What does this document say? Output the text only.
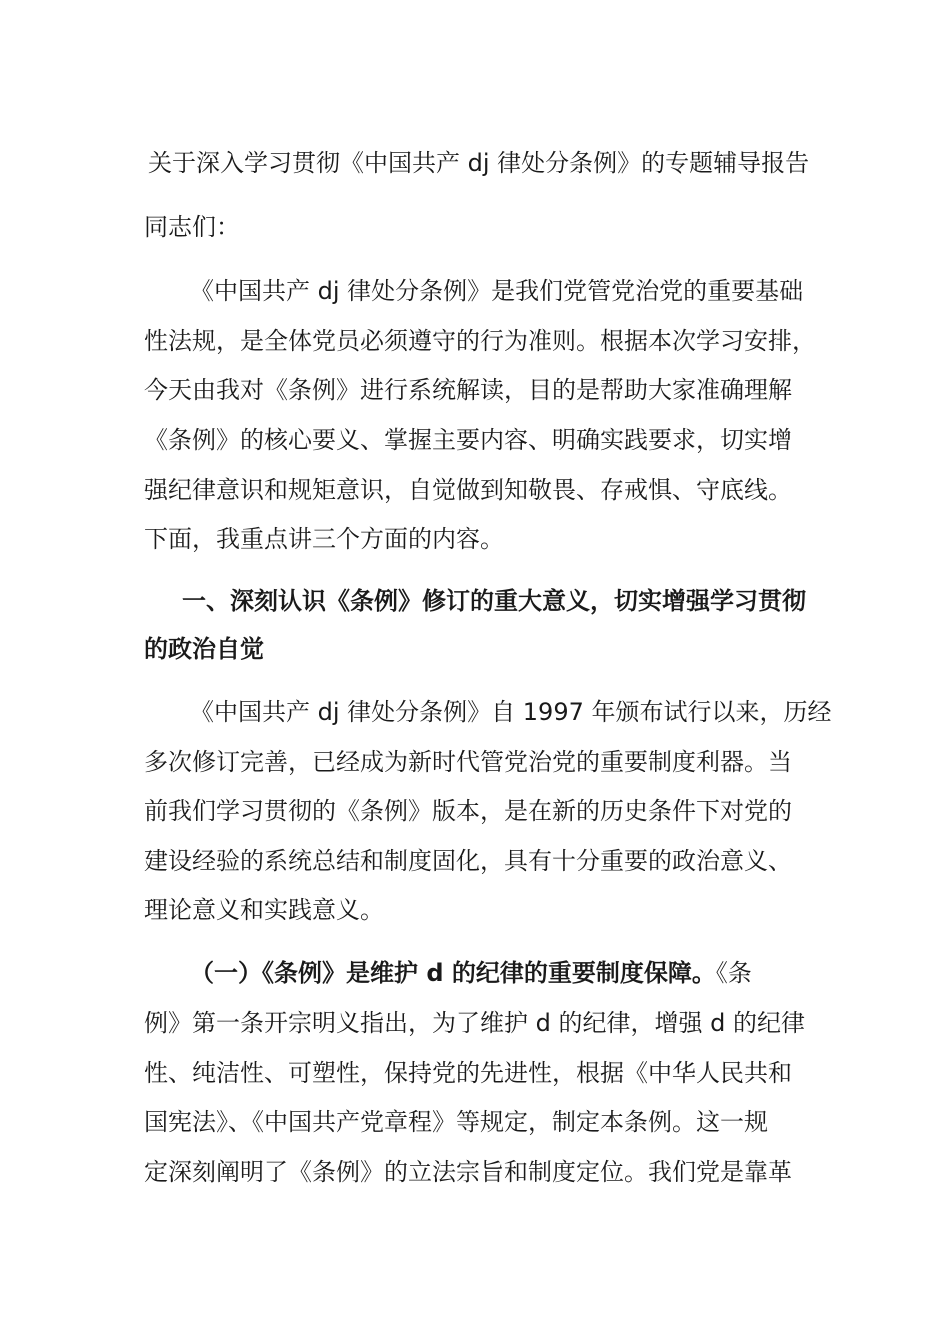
关于深入学习贯彻《中国共产 dj 律处分条例》的专题辅导报告
同志们：
《中国共产 dj 律处分条例》是我们党管党治党的重要基础
性法规，是全体党员必须遵守的行为准则。根据本次学习安排，
今天由我对《条例》进行系统解读，目的是帮助大家准确理解
《条例》的核心要义、掌握主要内容、明确实践要求，切实增
强纪律意识和规矩意识，自觉做到知敬畏、存戒惧、守底线。
下面，我重点讲三个方面的内容。
一、深刻认识《条例》修订的重大意义，切实增强学习贯彻
的政治自觉
《中国共产 dj 律处分条例》自 1997 年颁布试行以来，历经
多次修订完善，已经成为新时代管党治党的重要制度利器。当
前我们学习贯彻的《条例》版本，是在新的历史条件下对党的
建设经验的系统总结和制度固化，具有十分重要的政治意义、
理论意义和实践意义。
（一）《条例》是维护 d 的纪律的重要制度保障。《条
例》第一条开宗明义指出，为了维护 d 的纪律，增强 d 的纪律
性、纯洁性、可塑性，保持党的先进性，根据《中华人民共和
国宪法》、《中国共产党章程》等规定，制定本条例。这一规
定深刻阐明了《条例》的立法宗旨和制度定位。我们党是靠革
